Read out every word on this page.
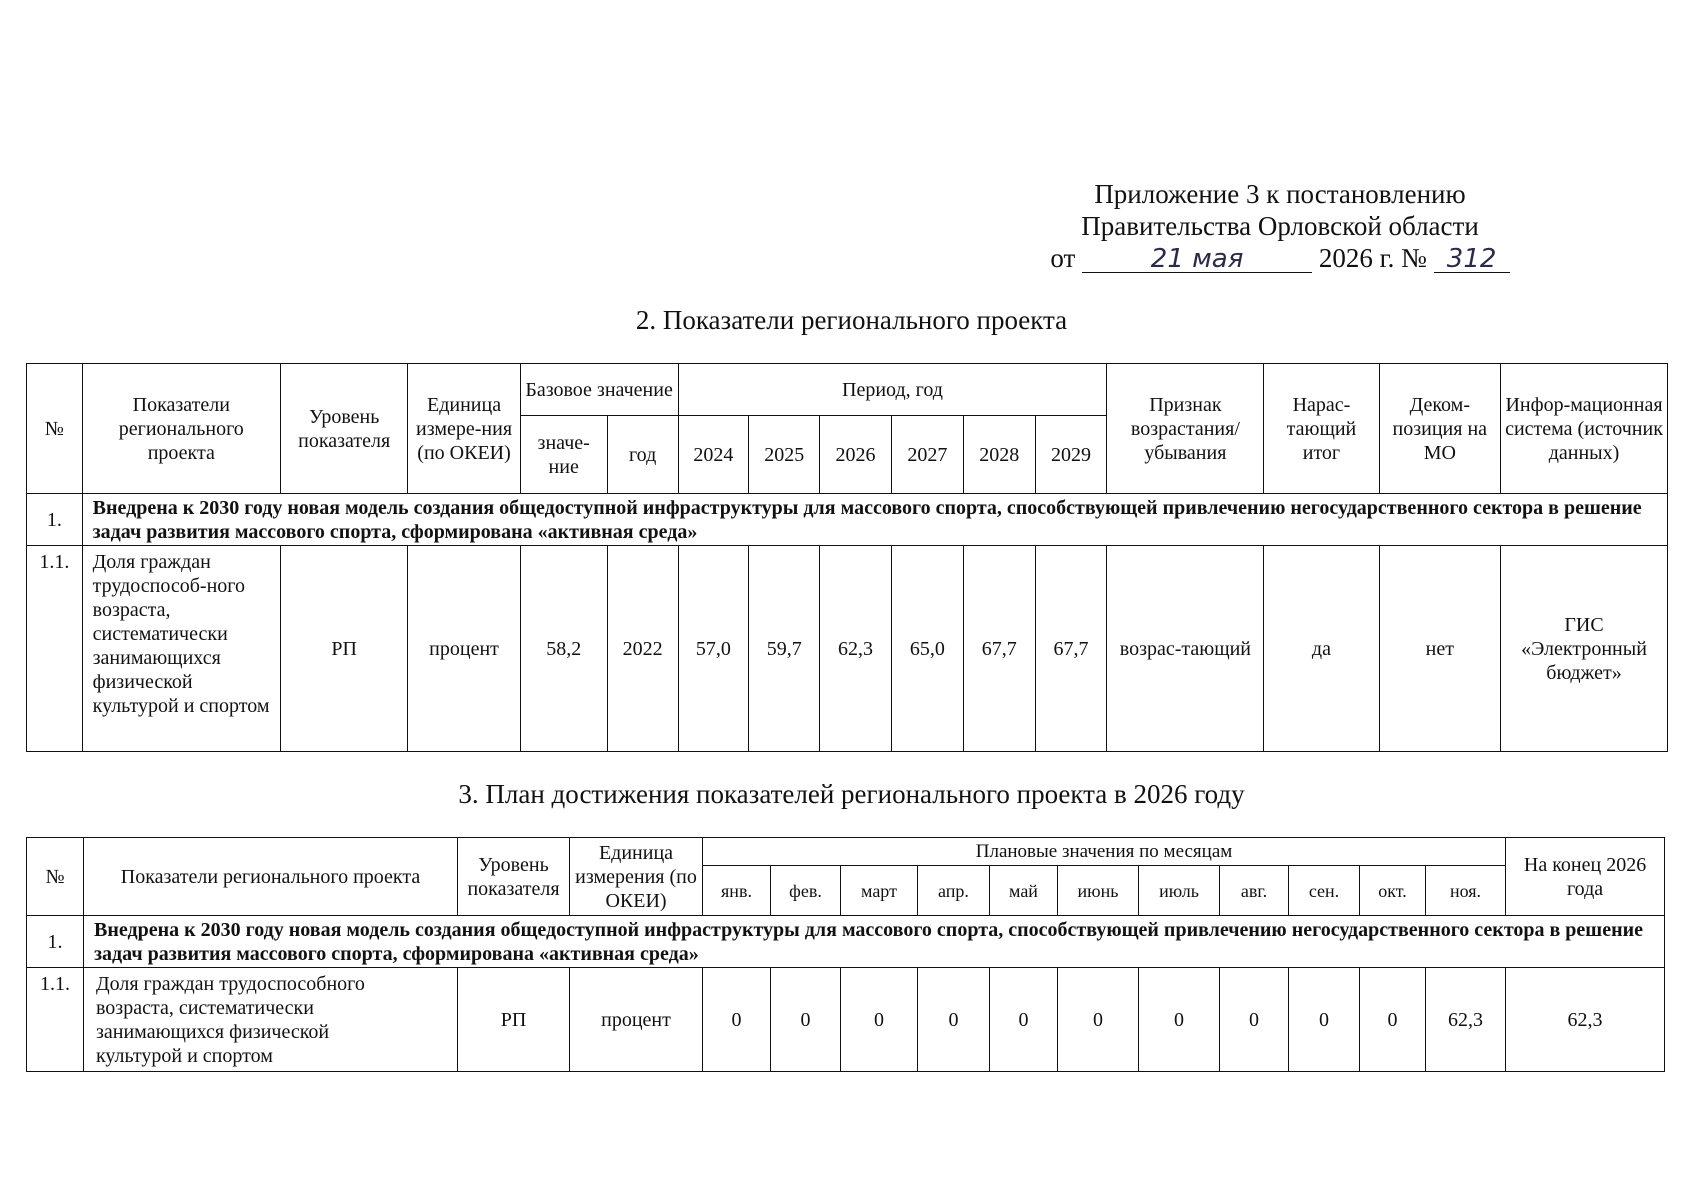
Приложение 3 к постановлению
Правительства Орловской области
от	21 мая	2026 г. № 312
2. Показатели регионального проекта
№	Показатели регионального проекта	Уровень показателя	Единица измере-ния (по ОКЕИ)	Базовое значение		Период, год						Признак возрастания/ убывания	Нарас-тающий итог	Деком-позиция на МО	Инфор-мационная система (источник данных)
				значе-ние	год	2024	2025	2026	2027	2028	2029				
1.	Внедрена к 2030 году новая модель создания общедоступной инфраструктуры для массового спорта, способствующей привлечению негосударственного сектора в решение задач развития массового спорта, сформирована «активная среда»														
1.1.	Доля граждан трудоспособ-ного возраста, систематически занимающихся физической культурой и спортом	РП	процент	58,2	2022	57,0	59,7	62,3	65,0	67,7	67,7	возрас-тающий	да	нет	ГИС «Электронный бюджет»
3. План достижения показателей регионального проекта в 2026 году
№	Показатели регионального проекта	Уровень показателя	Единица измерения (по ОКЕИ)	Плановые значения по месяцам											На конец 2026 года
				янв.	фев.	март	апр.	май	июнь	июль	авг.	сен.	окт.	ноя.	
1.	Внедрена к 2030 году новая модель создания общедоступной инфраструктуры для массового спорта, способствующей привлечению негосударственного сектора в решение задач развития массового спорта, сформирована «активная среда»														
1.1.	Доля граждан трудоспособного возраста, систематически занимающихся физической культурой и спортом	РП	процент	0	0	0	0	0	0	0	0	0	0	62,3	62,3
